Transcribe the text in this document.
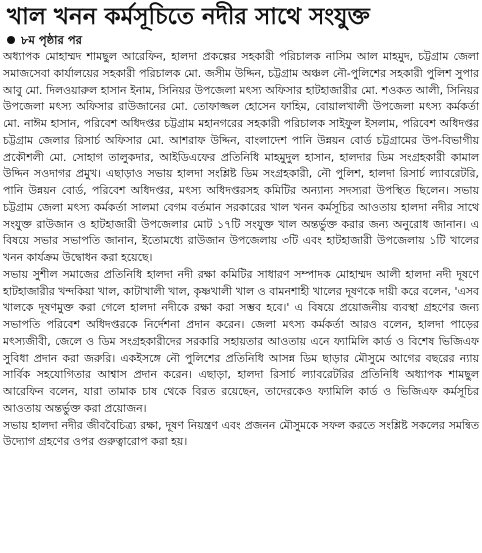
খাল খনন কর্মসূচিতে নদীর সাথে সংযুক্ত
৮ম পৃষ্ঠার পর

অধ্যাপক মোহাম্মদ শামছুল আরেফিন, হালদা প্রকল্পের সহকারী পরিচালক নাসিম আল মাহমুদ, চট্টগ্রাম জেলা সমাজসেবা কার্যালয়ের সহকারী পরিচালক মো. জসীম উদ্দিন, চট্টগ্রাম অঞ্চল নৌ-পুলিশের সহকারী পুলিশ সুপার আবু মো. দিলওয়ারুল হাসান ইনাম, সিনিয়র উপজেলা মৎস্য অফিসার হাটহাজারীর মো. শওকত আলী, সিনিয়র উপজেলা মৎস্য অফিসার রাউজানের মো. তোফাজ্জল হোসেন ফাহিম, বোয়ালখালী উপজেলা মৎস্য কর্মকর্তা মো. নাঈম হাসান, পরিবেশ অধিদপ্তর চট্টগ্রাম মহানগরের সহকারী পরিচালক সাইফুল ইসলাম, পরিবেশ অধিদপ্তর চট্টগ্রাম জেলার রিসার্চ অফিসার মো. আশরাফ উদ্দিন, বাংলাদেশ পানি উন্নয়ন বোর্ড চট্টগ্রামের উপ-বিভাগীয় প্রকৌশলী মো. সোহাগ তালুকদার, আইডিএফের প্রতিনিধি মাহমুদুল হাসান, হালদার ডিম সংগ্রহকারী কামাল উদ্দিন সওদাগর প্রমুখ। এছাড়াও সভায় হালদা সংশ্লিষ্ট ডিম সংগ্রহকারী, নৌ পুলিশ, হালদা রিসার্চ ল্যাবরেটরি, পানি উন্নয়ন বোর্ড, পরিবেশ অধিদপ্তর, মৎস্য অধিদপ্তরসহ কমিটির অন্যান্য সদস্যরা উপস্থিত ছিলেন। সভায় চট্টগ্রাম জেলা মৎস্য কর্মকর্তা সালমা বেগম বর্তমান সরকারের খাল খনন কর্মসূচির আওতায় হালদা নদীর সাথে সংযুক্ত রাউজান ও হাটহাজারী উপজেলার মোট ১৭টি সংযুক্ত খাল অন্তর্ভুক্ত করার জন্য অনুরোধ জানান। এ বিষয়ে সভার সভাপতি জানান, ইতোমধ্যে রাউজান উপজেলায় ৩টি এবং হাটহাজারী উপজেলায় ১টি খালের খনন কার্যক্রম উদ্বোধন করা হয়েছে।

সভায় সুশীল সমাজের প্রতিনিধি হালদা নদী রক্ষা কমিটির সাধারণ সম্পাদক মোহাম্মদ আলী হালদা নদী দূষণে হাটহাজারীর খন্দকিয়া খাল, কাটাখালী খাল, কৃষ্ণখালী খাল ও বামনশাহী খালের দূষণকে দায়ী করে বলেন, 'এসব খালকে দূষণমুক্ত করা গেলে হালদা নদীকে রক্ষা করা সম্ভব হবে।' এ বিষয়ে প্রয়োজনীয় ব্যবস্থা গ্রহণের জন্য সভাপতি পরিবেশ অধিদপ্তরকে নির্দেশনা প্রদান করেন। জেলা মৎস্য কর্মকর্তা আরও বলেন, হালদা পাড়ের মৎস্যজীবী, জেলে ও ডিম সংগ্রহকারীদের সরকারি সহায়তার আওতায় এনে ফ্যামিলি কার্ড ও বিশেষ ভিজিএফ সুবিধা প্রদান করা জরুরি। একইসঙ্গে নৌ পুলিশের প্রতিনিধি আসন্ন ডিম ছাড়ার মৌসুমে আগের বছরের ন্যায় সার্বিক সহযোগিতার আশ্বাস প্রদান করেন। এছাড়া, হালদা রিসার্চ ল্যাবরেটরির প্রতিনিধি অধ্যাপক শামছুল আরেফিন বলেন, যারা তামাক চাষ থেকে বিরত রয়েছেন, তাদেরকেও ফ্যামিলি কার্ড ও ভিজিএফ কর্মসূচির আওতায় অন্তর্ভুক্ত করা প্রয়োজন।

সভায় হালদা নদীর জীববৈচিত্র্য রক্ষা, দূষণ নিয়ন্ত্রণ এবং প্রজনন মৌসুমকে সফল করতে সংশ্লিষ্ট সকলের সমন্বিত উদ্যোগ গ্রহণের ওপর গুরুত্বারোপ করা হয়।
